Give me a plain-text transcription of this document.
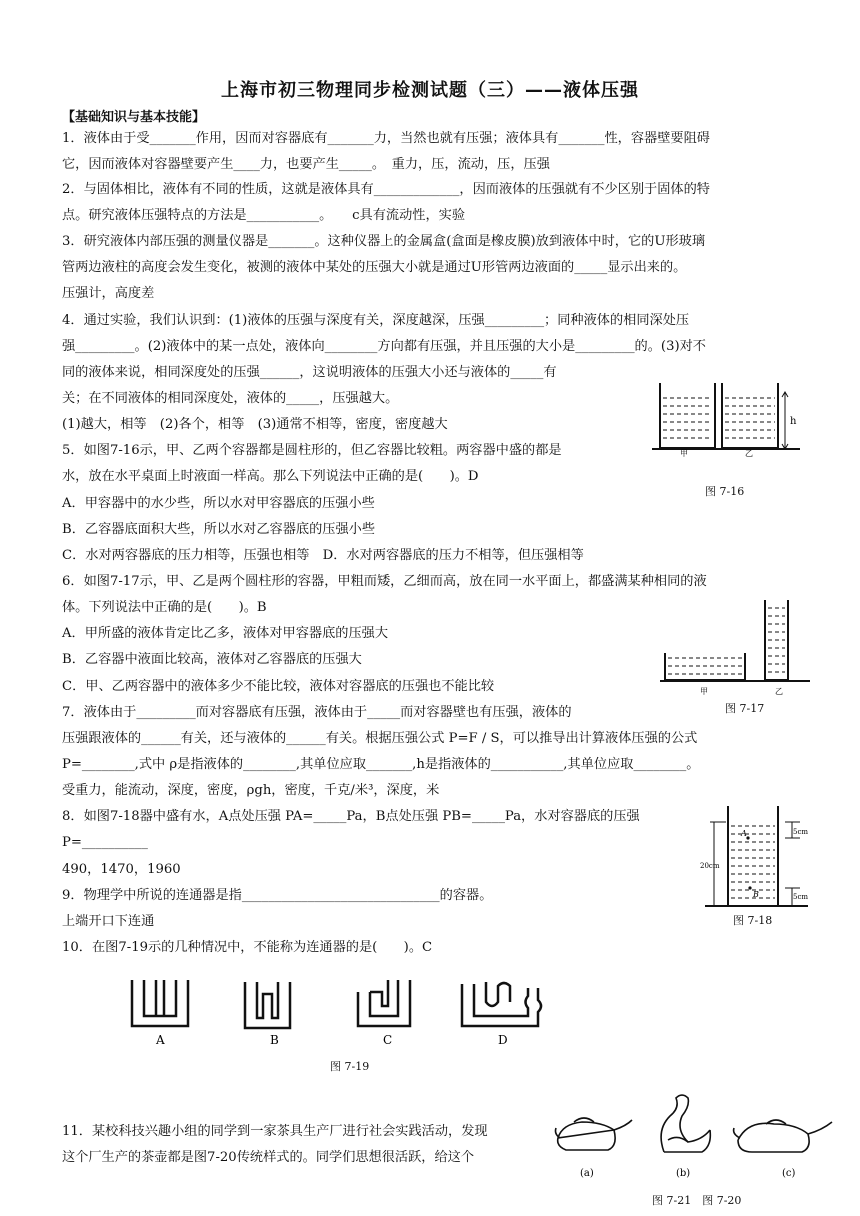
上海市初三物理同步检测试题（三）——液体压强
【基础知识与基本技能】
1．液体由于受_______作用，因而对容器底有_______力，当然也就有压强；液体具有_______性，容器壁要阻碍
它，因而液体对容器壁要产生____力，也要产生_____。　重力，压，流动，压，压强
2．与固体相比，液体有不同的性质，这就是液体具有_____________，因而液体的压强就有不少区别于固体的特
点。研究液体压强特点的方法是___________。　　c具有流动性，实验
3．研究液体内部压强的测量仪器是_______。这种仪器上的金属盒(盒面是橡皮膜)放到液体中时，它的U形玻璃
管两边液柱的高度会发生变化，被测的液体中某处的压强大小就是通过U形管两边液面的_____显示出来的。
压强计，高度差
4．通过实验，我们认识到：(1)液体的压强与深度有关，深度越深，压强_________；同种液体的相同深处压
强_________。(2)液体中的某一点处，液体向________方向都有压强，并且压强的大小是_________的。(3)对不
同的液体来说，相同深度处的压强______，这说明液体的压强大小还与液体的_____有
关；在不同液体的相同深度处，液体的_____，压强越大。
(1)越大，相等　(2)各个，相等　(3)通常不相等，密度，密度越大
5．如图7-16示，甲、乙两个容器都是圆柱形的，但乙容器比较粗。两容器中盛的都是
水，放在水平桌面上时液面一样高。那么下列说法中正确的是(　　)。D
A．甲容器中的水少些，所以水对甲容器底的压强小些
B．乙容器底面积大些，所以水对乙容器底的压强小些
C．水对两容器底的压力相等，压强也相等　D．水对两容器底的压力不相等，但压强相等
6．如图7-17示，甲、乙是两个圆柱形的容器，甲粗而矮，乙细而高，放在同一水平面上，都盛满某种相同的液
体。下列说法中正确的是(　　)。B
A．甲所盛的液体肯定比乙多，液体对甲容器底的压强大
B．乙容器中液面比较高，液体对乙容器底的压强大
C．甲、乙两容器中的液体多少不能比较，液体对容器底的压强也不能比较
7．液体由于_________而对容器底有压强，液体由于_____而对容器壁也有压强，液体的
压强跟液体的______有关，还与液体的______有关。根据压强公式 P=F / S，可以推导出计算液体压强的公式
P=________,式中 ρ是指液体的________,其单位应取_______,h是指液体的___________,其单位应取________。
受重力，能流动，深度，密度，ρgh，密度，千克/米³，深度，米
8．如图7-18器中盛有水，A点处压强 PA=_____Pa，B点处压强 PB=_____Pa，水对容器底的压强
P=__________
490，1470，1960
9．物理学中所说的连通器是指______________________________的容器。
上端开口下连通
10．在图7-19示的几种情况中，不能称为连通器的是(　　)。C
11．某校科技兴趣小组的同学到一家茶具生产厂进行社会实践活动，发现
这个厂生产的茶壶都是图7-20传统样式的。同学们思想很活跃，给这个
h
甲	乙
图 7-16
甲	乙
图 7-17
20cm
5cm
5cm
A
B
图 7-18
A	B	C	D
图 7-19
(a)	(b)	(c)
图 7-21　图 7-20
